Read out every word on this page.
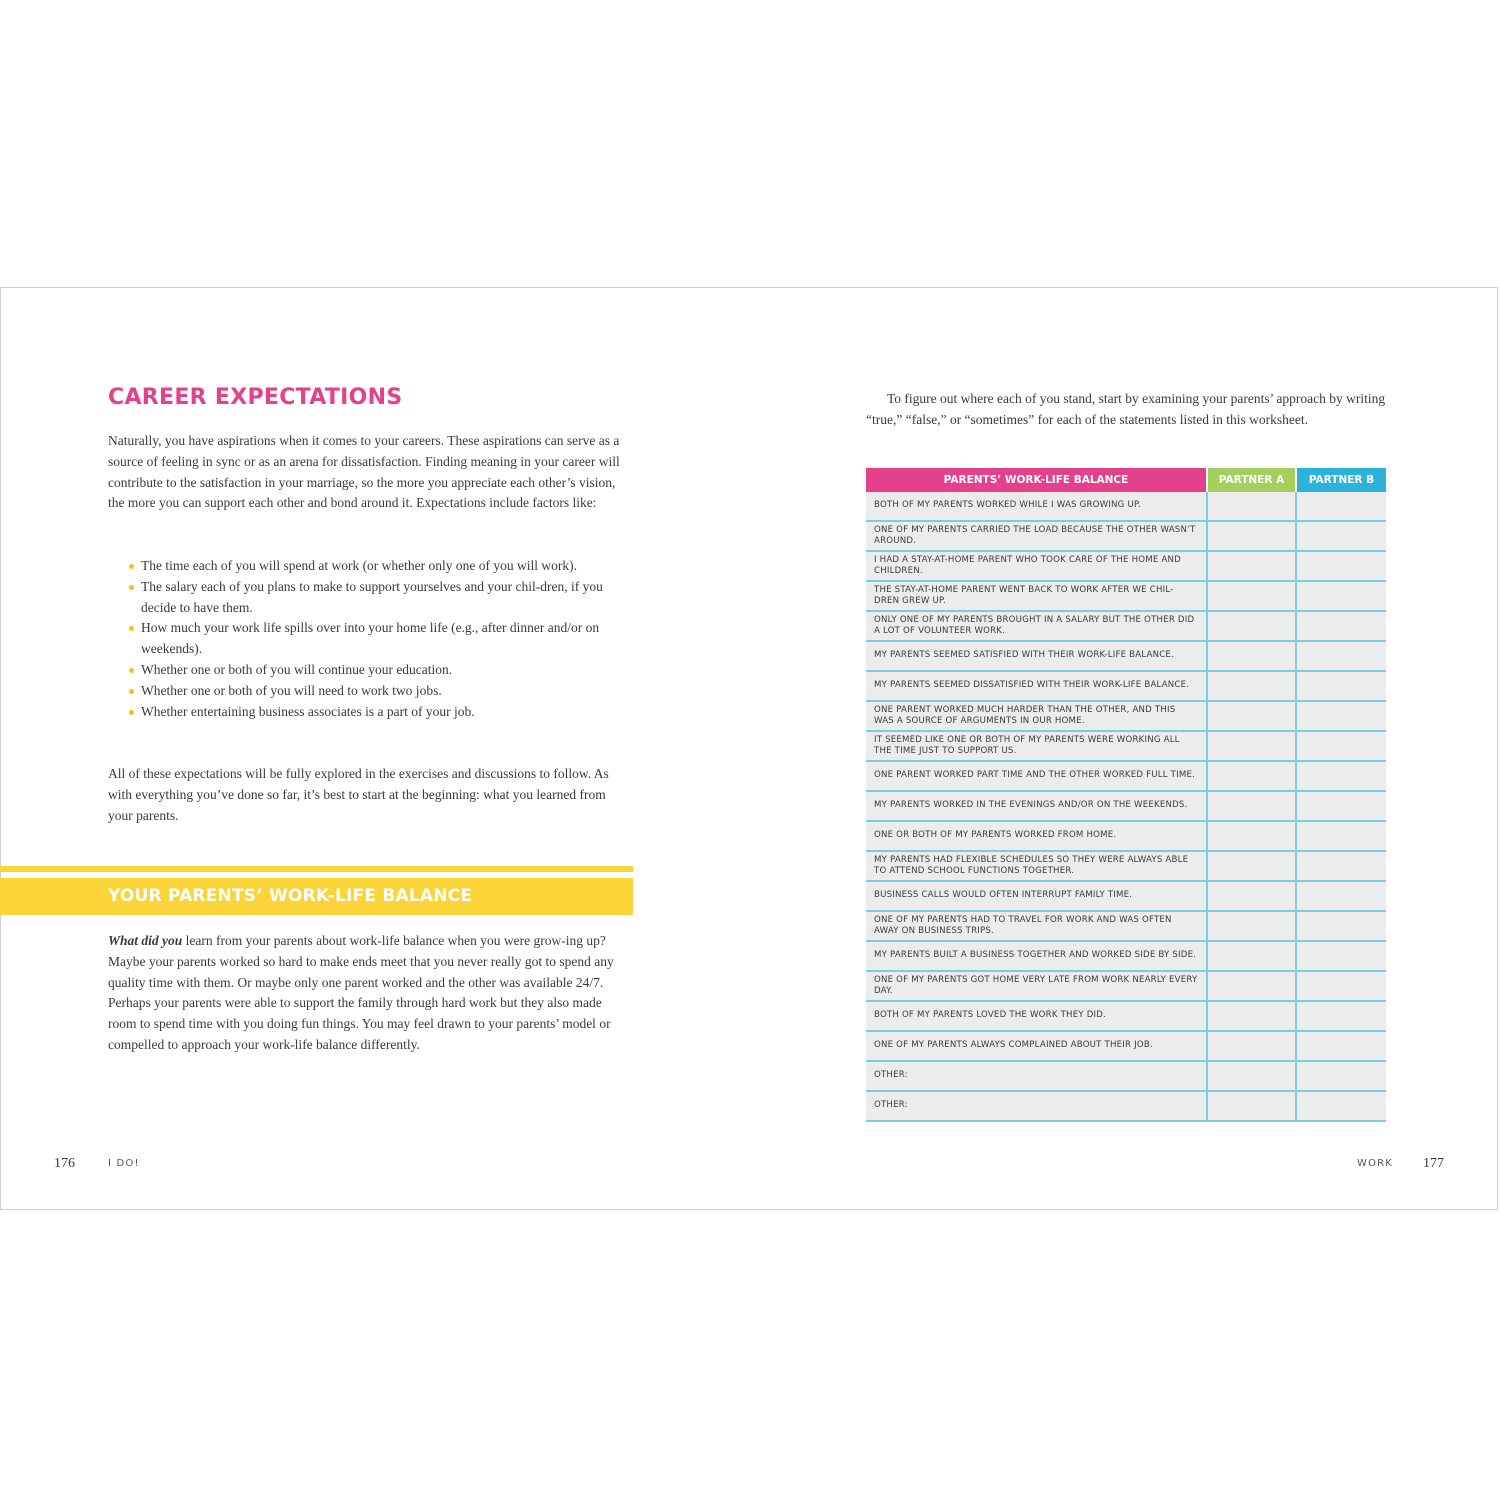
CAREER EXPECTATIONS

Naturally, you have aspirations when it comes to your careers. These aspirations can serve as a source of feeling in sync or as an arena for dissatisfaction. Finding meaning in your career will contribute to the satisfaction in your marriage, so the more you appreciate each other’s vision, the more you can support each other and bond around it. Expectations include factors like:

The time each of you will spend at work (or whether only one of you will work).
The salary each of you plans to make to support yourselves and your chil-dren, if you decide to have them.
How much your work life spills over into your home life (e.g., after dinner and/or on weekends).
Whether one or both of you will continue your education.
Whether one or both of you will need to work two jobs.
Whether entertaining business associates is a part of your job.

All of these expectations will be fully explored in the exercises and discussions to follow. As with everything you’ve done so far, it’s best to start at the beginning: what you learned from your parents.

YOUR PARENTS’ WORK-LIFE BALANCE

What did you learn from your parents about work-life balance when you were grow-ing up? Maybe your parents worked so hard to make ends meet that you never really got to spend any quality time with them. Or maybe only one parent worked and the other was available 24/7. Perhaps your parents were able to support the family through hard work but they also made room to spend time with you doing fun things. You may feel drawn to your parents’ model or compelled to approach your work-life balance differently.

176	I DO!

To figure out where each of you stand, start by examining your parents’ approach by writing “true,” “false,” or “sometimes” for each of the statements listed in this worksheet.

PARENTS’ WORK-LIFE BALANCE	PARTNER A	PARTNER B
BOTH OF MY PARENTS WORKED WHILE I WAS GROWING UP.
ONE OF MY PARENTS CARRIED THE LOAD BECAUSE THE OTHER WASN’T AROUND.
I HAD A STAY-AT-HOME PARENT WHO TOOK CARE OF THE HOME AND CHILDREN.
THE STAY-AT-HOME PARENT WENT BACK TO WORK AFTER WE CHIL-DREN GREW UP.
ONLY ONE OF MY PARENTS BROUGHT IN A SALARY BUT THE OTHER DID A LOT OF VOLUNTEER WORK.
MY PARENTS SEEMED SATISFIED WITH THEIR WORK-LIFE BALANCE.
MY PARENTS SEEMED DISSATISFIED WITH THEIR WORK-LIFE BALANCE.
ONE PARENT WORKED MUCH HARDER THAN THE OTHER, AND THIS WAS A SOURCE OF ARGUMENTS IN OUR HOME.
IT SEEMED LIKE ONE OR BOTH OF MY PARENTS WERE WORKING ALL THE TIME JUST TO SUPPORT US.
ONE PARENT WORKED PART TIME AND THE OTHER WORKED FULL TIME.
MY PARENTS WORKED IN THE EVENINGS AND/OR ON THE WEEKENDS.
ONE OR BOTH OF MY PARENTS WORKED FROM HOME.
MY PARENTS HAD FLEXIBLE SCHEDULES SO THEY WERE ALWAYS ABLE TO ATTEND SCHOOL FUNCTIONS TOGETHER.
BUSINESS CALLS WOULD OFTEN INTERRUPT FAMILY TIME.
ONE OF MY PARENTS HAD TO TRAVEL FOR WORK AND WAS OFTEN AWAY ON BUSINESS TRIPS.
MY PARENTS BUILT A BUSINESS TOGETHER AND WORKED SIDE BY SIDE.
ONE OF MY PARENTS GOT HOME VERY LATE FROM WORK NEARLY EVERY DAY.
BOTH OF MY PARENTS LOVED THE WORK THEY DID.
ONE OF MY PARENTS ALWAYS COMPLAINED ABOUT THEIR JOB.
OTHER:
OTHER:
WORK 177
